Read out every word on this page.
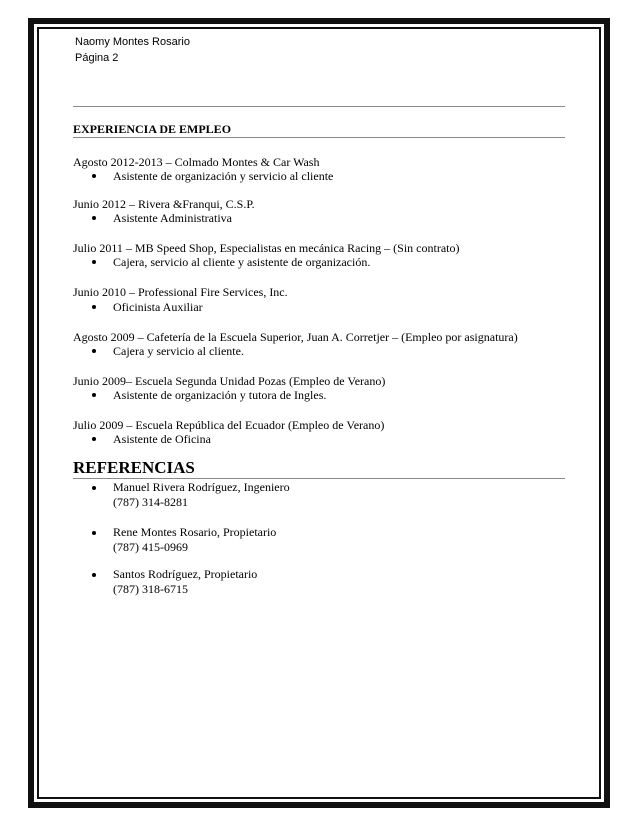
Naomy Montes Rosario
Página 2
EXPERIENCIA DE EMPLEO
Agosto 2012-2013 – Colmado Montes & Car Wash
Asistente de organización y servicio al cliente
Junio 2012 – Rivera &Franqui, C.S.P.
Asistente Administrativa
Julio 2011 – MB Speed Shop, Especialistas en mecánica Racing – (Sin contrato)
Cajera, servicio al cliente y asistente de organización.
Junio 2010 – Professional Fire Services, Inc.
Oficinista Auxiliar
Agosto 2009 – Cafetería de la Escuela Superior, Juan A. Corretjer – (Empleo por asignatura)
Cajera y servicio al cliente.
Junio 2009– Escuela Segunda Unidad Pozas (Empleo de Verano)
Asistente de organización y tutora de Ingles.
Julio 2009 – Escuela República del Ecuador (Empleo de Verano)
Asistente de Oficina
REFERENCIAS
Manuel Rivera Rodríguez, Ingeniero
(787) 314-8281
Rene Montes Rosario, Propietario
(787) 415-0969
Santos Rodríguez, Propietario
(787) 318-6715
